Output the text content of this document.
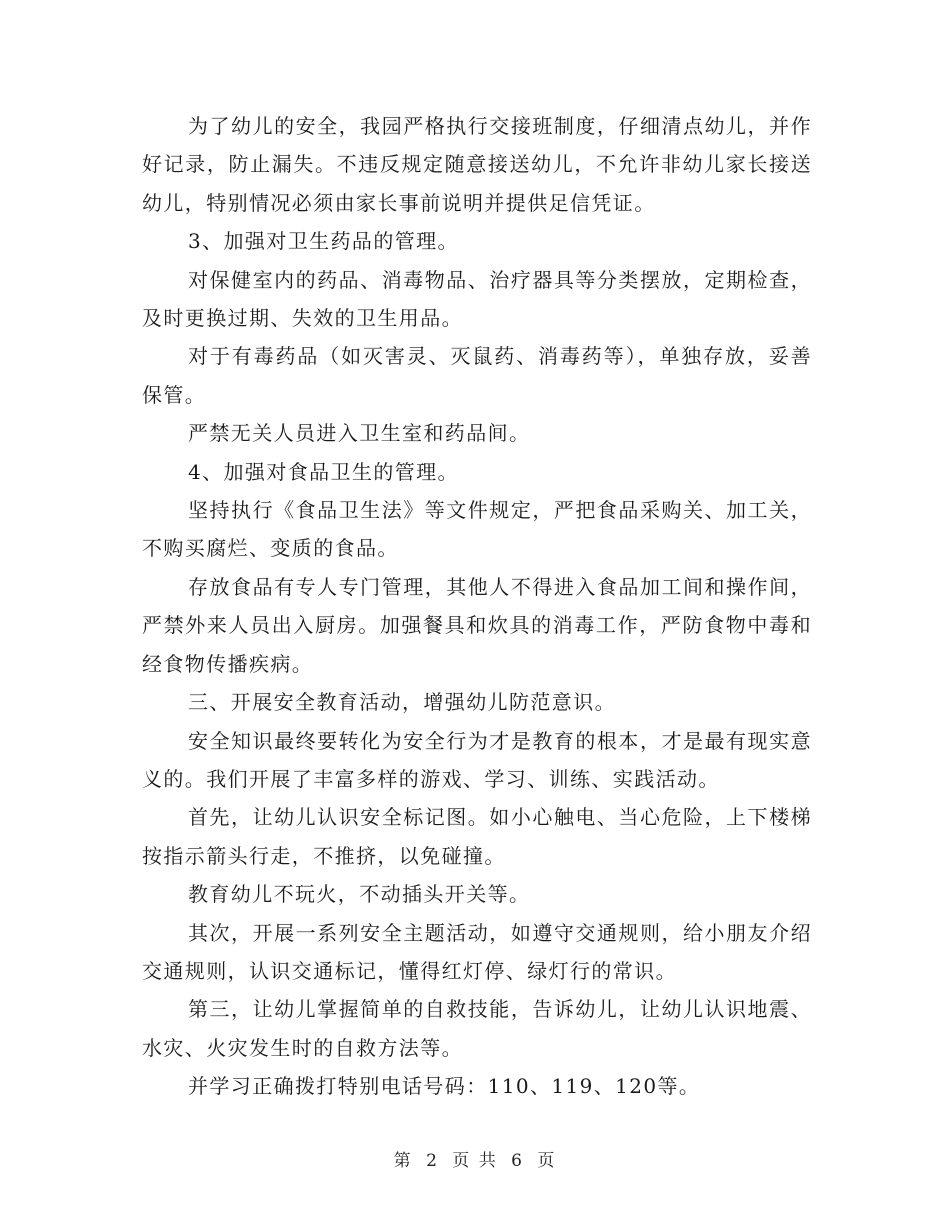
为了幼儿的安全，我园严格执行交接班制度，仔细清点幼儿，并作好记录，防止漏失。不违反规定随意接送幼儿，不允许非幼儿家长接送幼儿，特别情况必须由家长事前说明并提供足信凭证。

3、加强对卫生药品的管理。

对保健室内的药品、消毒物品、治疗器具等分类摆放，定期检查，及时更换过期、失效的卫生用品。

对于有毒药品（如灭害灵、灭鼠药、消毒药等），单独存放，妥善保管。

严禁无关人员进入卫生室和药品间。

4、加强对食品卫生的管理。

坚持执行《食品卫生法》等文件规定，严把食品采购关、加工关，不购买腐烂、变质的食品。

存放食品有专人专门管理，其他人不得进入食品加工间和操作间，严禁外来人员出入厨房。加强餐具和炊具的消毒工作，严防食物中毒和经食物传播疾病。

三、开展安全教育活动，增强幼儿防范意识。

安全知识最终要转化为安全行为才是教育的根本，才是最有现实意义的。我们开展了丰富多样的游戏、学习、训练、实践活动。

首先，让幼儿认识安全标记图。如小心触电、当心危险，上下楼梯按指示箭头行走，不推挤，以免碰撞。

教育幼儿不玩火，不动插头开关等。

其次，开展一系列安全主题活动，如遵守交通规则，给小朋友介绍交通规则，认识交通标记，懂得红灯停、绿灯行的常识。

第三，让幼儿掌握简单的自救技能，告诉幼儿，让幼儿认识地震、水灾、火灾发生时的自救方法等。

并学习正确拨打特别电话号码：110、119、120等。

第 2 页 共 6 页
